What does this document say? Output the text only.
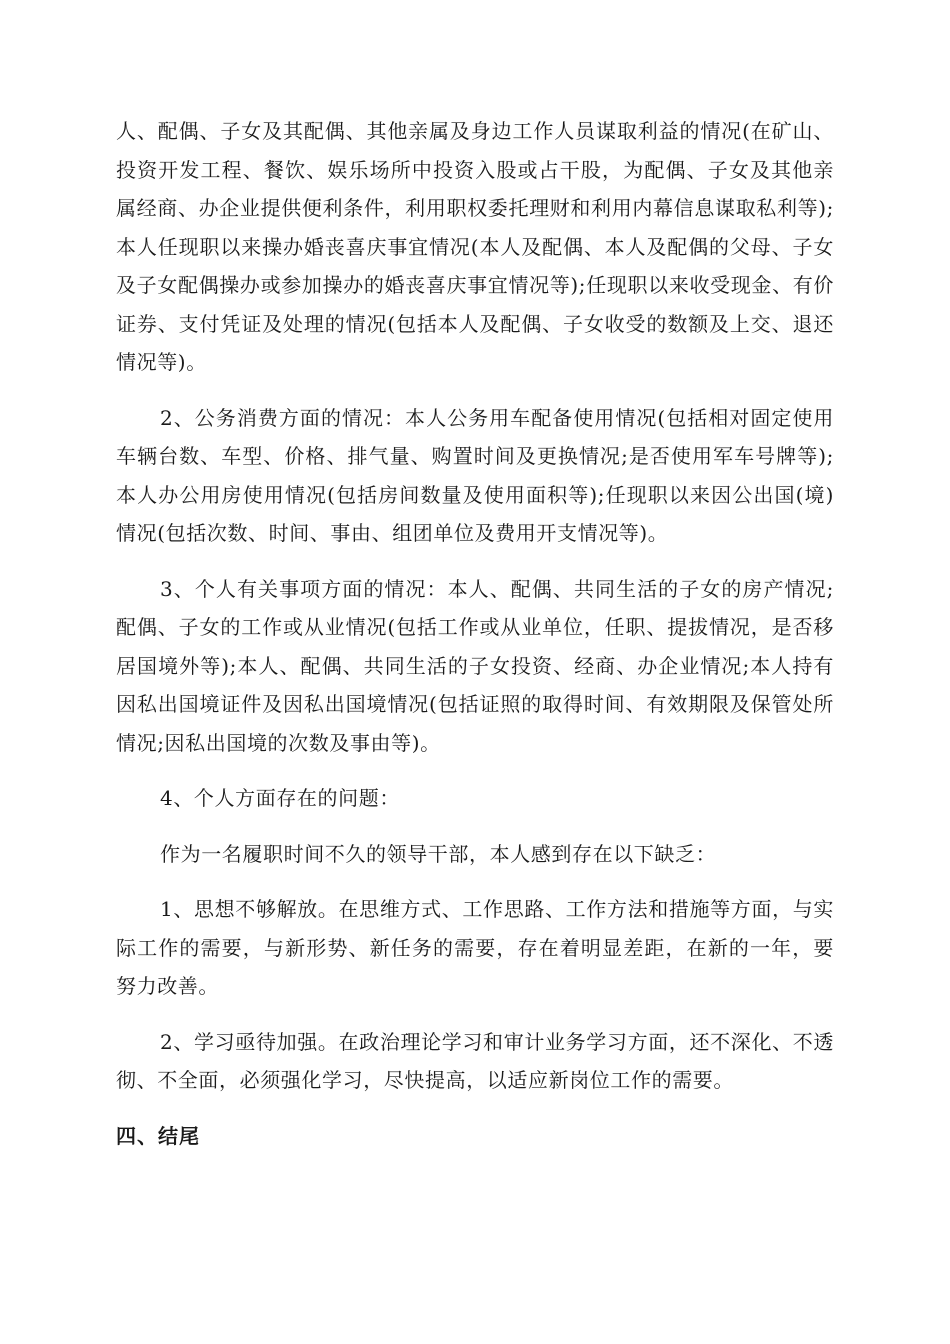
人、配偶、子女及其配偶、其他亲属及身边工作人员谋取利益的情况(在矿山、投资开发工程、餐饮、娱乐场所中投资入股或占干股，为配偶、子女及其他亲属经商、办企业提供便利条件，利用职权委托理财和利用内幕信息谋取私利等);本人任现职以来操办婚丧喜庆事宜情况(本人及配偶、本人及配偶的父母、子女及子女配偶操办或参加操办的婚丧喜庆事宜情况等);任现职以来收受现金、有价证券、支付凭证及处理的情况(包括本人及配偶、子女收受的数额及上交、退还情况等)。

2、公务消费方面的情况：本人公务用车配备使用情况(包括相对固定使用车辆台数、车型、价格、排气量、购置时间及更换情况;是否使用军车号牌等);本人办公用房使用情况(包括房间数量及使用面积等);任现职以来因公出国(境)情况(包括次数、时间、事由、组团单位及费用开支情况等)。

3、个人有关事项方面的情况：本人、配偶、共同生活的子女的房产情况;配偶、子女的工作或从业情况(包括工作或从业单位，任职、提拔情况，是否移居国境外等);本人、配偶、共同生活的子女投资、经商、办企业情况;本人持有因私出国境证件及因私出国境情况(包括证照的取得时间、有效期限及保管处所情况;因私出国境的次数及事由等)。

4、个人方面存在的问题：

作为一名履职时间不久的领导干部，本人感到存在以下缺乏：

1、思想不够解放。在思维方式、工作思路、工作方法和措施等方面，与实际工作的需要，与新形势、新任务的需要，存在着明显差距，在新的一年，要努力改善。

2、学习亟待加强。在政治理论学习和审计业务学习方面，还不深化、不透彻、不全面，必须强化学习，尽快提高，以适应新岗位工作的需要。

四、结尾
